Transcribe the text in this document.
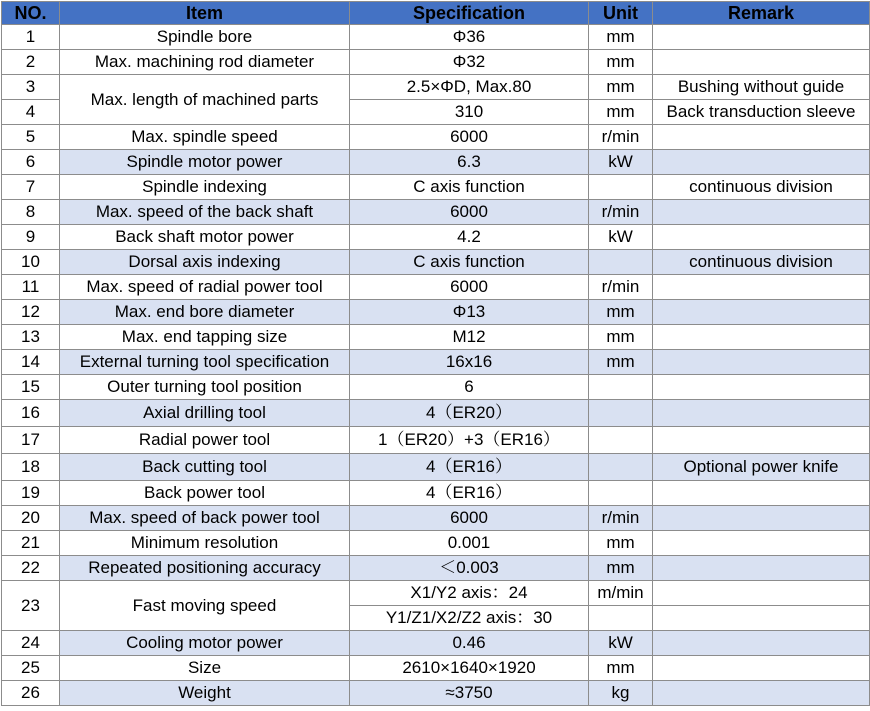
NO.	Item	Specification	Unit	Remark
1	Spindle bore	Φ36	mm	
2	Max. machining rod diameter	Φ32	mm	
3	Max. length of machined parts	2.5×ΦD, Max.80	mm	Bushing without guide
4		310	mm	Back transduction sleeve
5	Max. spindle speed	6000	r/min	
6	Spindle motor power	6.3	kW	
7	Spindle indexing	C axis function		continuous division
8	Max. speed of the back shaft	6000	r/min	
9	Back shaft motor power	4.2	kW	
10	Dorsal axis indexing	C axis function		continuous division
11	Max. speed of radial power tool	6000	r/min	
12	Max. end bore diameter	Φ13	mm	
13	Max. end tapping size	M12	mm	
14	External turning tool specification	16x16	mm	
15	Outer turning tool position	6		
16	Axial drilling tool	4（ER20）		
17	Radial power tool	1（ER20）+3（ER16）		
18	Back cutting tool	4（ER16）		Optional power knife
19	Back power tool	4（ER16）		
20	Max. speed of back power tool	6000	r/min	
21	Minimum resolution	0.001	mm	
22	Repeated positioning accuracy	＜0.003	mm	
23	Fast moving speed	X1/Y2 axis：24	m/min	
		Y1/Z1/X2/Z2 axis：30		
24	Cooling motor power	0.46	kW	
25	Size	2610×1640×1920	mm	
26	Weight	≈3750	kg	
